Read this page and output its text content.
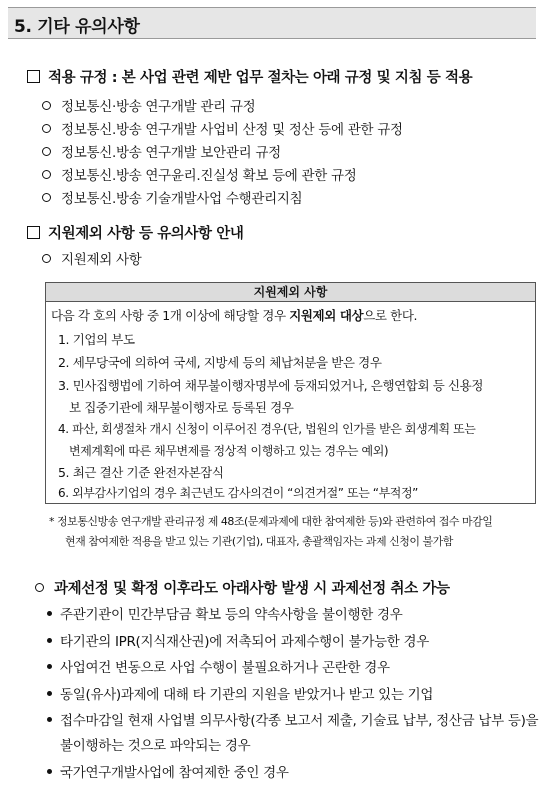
5. 기타 유의사항
적용 규정 : 본 사업 관련 제반 업무 절차는 아래 규정 및 지침 등 적용
정보통신·방송 연구개발 관리 규정
정보통신.방송 연구개발 사업비 산정 및 정산 등에 관한 규정
정보통신.방송 연구개발 보안관리 규정
정보통신.방송 연구윤리.진실성 확보 등에 관한 규정
정보통신.방송 기술개발사업 수행관리지침
지원제외 사항 등 유의사항 안내
지원제외 사항
지원제외 사항
다음 각 호의 사항 중 1개 이상에 해당할 경우 지원제외 대상으로 한다.
1. 기업의 부도
2. 세무당국에 의하여 국세, 지방세 등의 체납처분을 받은 경우
3. 민사집행법에 기하여 채무불이행자명부에 등재되었거나, 은행연합회 등 신용정
보 집중기관에 채무불이행자로 등록된 경우
4. 파산, 회생절차 개시 신청이 이루어진 경우(단, 법원의 인가를 받은 회생계획 또는
변제계획에 따른 채무변제를 정상적 이행하고 있는 경우는 예외)
5. 최근 결산 기준 완전자본잠식
6. 외부감사기업의 경우 최근년도 감사의견이 “의견거절” 또는 “부적정”
* 정보통신방송 연구개발 관리규정 제 48조(문제과제에 대한 참여제한 등)와 관련하여 접수 마감일
현재 참여제한 적용을 받고 있는 기관(기업), 대표자, 총괄책임자는 과제 신청이 불가함
과제선정 및 확정 이후라도 아래사항 발생 시 과제선정 취소 가능
주관기관이 민간부담금 확보 등의 약속사항을 불이행한 경우
타기관의 IPR(지식재산권)에 저촉되어 과제수행이 불가능한 경우
사업여건 변동으로 사업 수행이 불필요하거나 곤란한 경우
동일(유사)과제에 대해 타 기관의 지원을 받았거나 받고 있는 기업
접수마감일 현재 사업별 의무사항(각종 보고서 제출, 기술료 납부, 정산금 납부 등)을
불이행하는 것으로 파악되는 경우
국가연구개발사업에 참여제한 중인 경우
